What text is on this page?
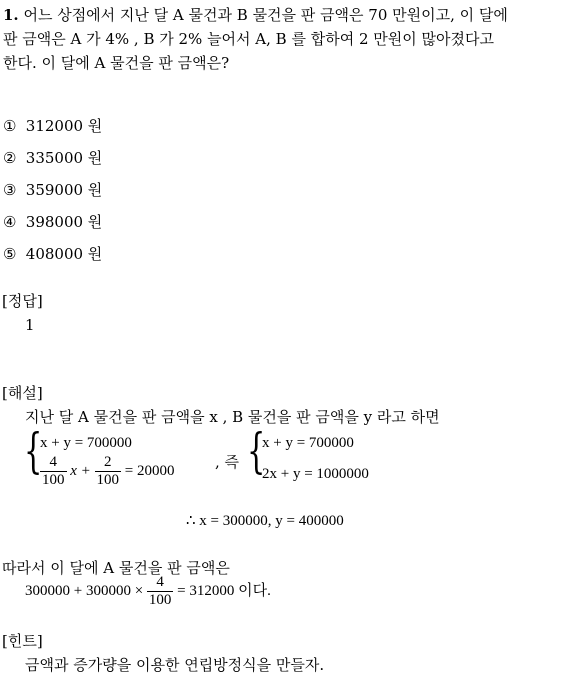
1. 어느 상점에서 지난 달 A 물건과 B 물건을 판 금액은 70 만원이고, 이 달에
판 금액은 A 가 4% , B 가 2% 늘어서 A, B 를 합하여 2 만원이 많아졌다고
한다. 이 달에 A 물건을 판 금액은?
① 312000 원
② 335000 원
③ 359000 원
④ 398000 원
⑤ 408000 원
[정답]
1
[해설]
지난 달 A 물건을 판 금액을 x , B 물건을 판 금액을 y 라고 하면
{
x + y = 700000
$\frac{4}{100}$ $x + \frac{2}{100} = 20000$
, 즉 {
x + y = 700000
2x + y = 1000000
∴ x = 300000, y = 400000
따라서 이 달에 A 물건을 판 금액은
$300000 + 300000 \times \frac{4}{100} = 312000$ 이다.
[힌트]
금액과 증가량을 이용한 연립방정식을 만들자.
